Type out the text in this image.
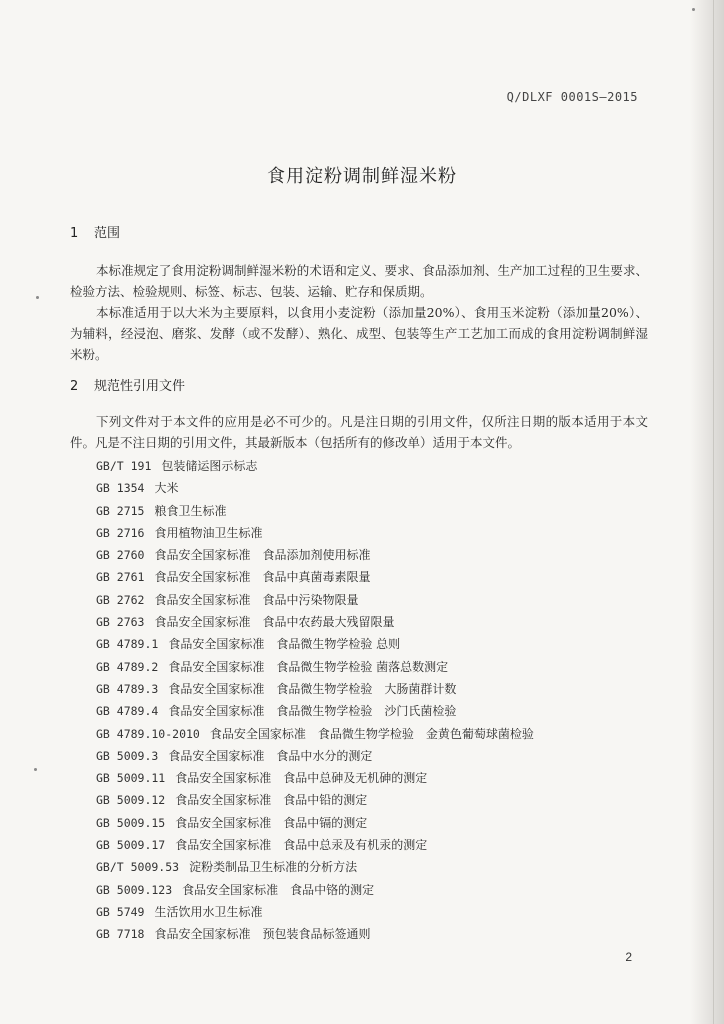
Q/DLXF 0001S—2015
食用淀粉调制鲜湿米粉
1 范围
本标准规定了食用淀粉调制鲜湿米粉的术语和定义、要求、食品添加剂、生产加工过程的卫生要求、检验方法、检验规则、标签、标志、包装、运输、贮存和保质期。
本标准适用于以大米为主要原料，以食用小麦淀粉（添加量20%）、食用玉米淀粉（添加量20%）、为辅料，经浸泡、磨浆、发酵（或不发酵）、熟化、成型、包装等生产工艺加工而成的食用淀粉调制鲜湿米粉。
2 规范性引用文件
下列文件对于本文件的应用是必不可少的。凡是注日期的引用文件，仅所注日期的版本适用于本文件。凡是不注日期的引用文件，其最新版本（包括所有的修改单）适用于本文件。
GB/T 191 包装储运图示标志
GB 1354 大米
GB 2715 粮食卫生标准
GB 2716 食用植物油卫生标准
GB 2760 食品安全国家标准　食品添加剂使用标准
GB 2761 食品安全国家标准　食品中真菌毒素限量
GB 2762 食品安全国家标准　食品中污染物限量
GB 2763 食品安全国家标准　食品中农药最大残留限量
GB 4789.1 食品安全国家标准　食品微生物学检验 总则
GB 4789.2 食品安全国家标准　食品微生物学检验 菌落总数测定
GB 4789.3 食品安全国家标准　食品微生物学检验　大肠菌群计数
GB 4789.4 食品安全国家标准　食品微生物学检验　沙门氏菌检验
GB 4789.10-2010 食品安全国家标准　食品微生物学检验　金黄色葡萄球菌检验
GB 5009.3 食品安全国家标准　食品中水分的测定
GB 5009.11 食品安全国家标准　食品中总砷及无机砷的测定
GB 5009.12 食品安全国家标准　食品中铅的测定
GB 5009.15 食品安全国家标准　食品中镉的测定
GB 5009.17 食品安全国家标准　食品中总汞及有机汞的测定
GB/T 5009.53 淀粉类制品卫生标准的分析方法
GB 5009.123 食品安全国家标准　食品中铬的测定
GB 5749 生活饮用水卫生标准
GB 7718 食品安全国家标准　预包装食品标签通则
2
